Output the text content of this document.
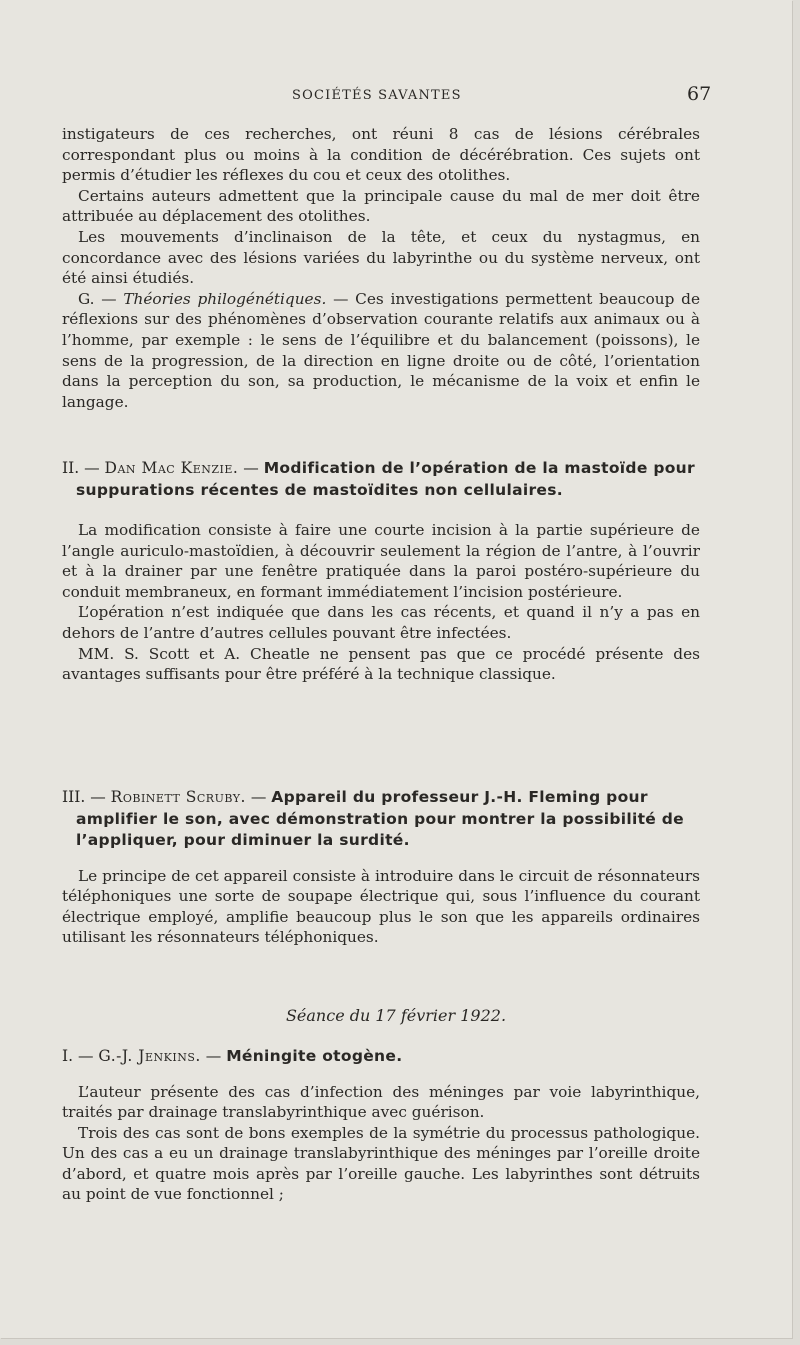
SOCIÉTÉS SAVANTES	67

instigateurs de ces recherches, ont réuni 8 cas de lésions cérébrales correspondant plus ou moins à la condition de décérébration. Ces sujets ont permis d’étudier les réflexes du cou et ceux des otolithes.

Certains auteurs admettent que la principale cause du mal de mer doit être attribuée au déplacement des otolithes.

Les mouvements d’inclinaison de la tête, et ceux du nystagmus, en concordance avec des lésions variées du labyrinthe ou du système nerveux, ont été ainsi étudiés.

G. — Théories philogénétiques. — Ces investigations permettent beaucoup de réflexions sur des phénomènes d’observation courante relatifs aux animaux ou à l’homme, par exemple : le sens de l’équilibre et du balancement (poissons), le sens de la progression, de la direction en ligne droite ou de côté, l’orientation dans la perception du son, sa production, le mécanisme de la voix et enfin le langage.

II. — Dan Mac Kenzie. — Modification de l’opération de la mastoïde pour suppurations récentes de mastoïdites non cellulaires.

La modification consiste à faire une courte incision à la partie supérieure de l’angle auriculo-mastoïdien, à découvrir seulement la région de l’antre, à l’ouvrir et à la drainer par une fenêtre pratiquée dans la paroi postéro-supérieure du conduit membraneux, en formant immédiatement l’incision postérieure.

L’opération n’est indiquée que dans les cas récents, et quand il n’y a pas en dehors de l’antre d’autres cellules pouvant être infectées.

MM. S. Scott et A. Cheatle ne pensent pas que ce procédé présente des avantages suffisants pour être préféré à la technique classique.

III. — Robinett Scruby. — Appareil du professeur J.-H. Fleming pour amplifier le son, avec démonstration pour montrer la possibilité de l’appliquer, pour diminuer la surdité.

Le principe de cet appareil consiste à introduire dans le circuit de résonnateurs téléphoniques une sorte de soupape électrique qui, sous l’influence du courant électrique employé, amplifie beaucoup plus le son que les appareils ordinaires utilisant les résonnateurs téléphoniques.

Séance du 17 février 1922.
I. — G.-J. Jenkins. — Méningite otogène.

L’auteur présente des cas d’infection des méninges par voie labyrinthique, traités par drainage translabyrinthique avec guérison.

Trois des cas sont de bons exemples de la symétrie du processus pathologique. Un des cas a eu un drainage translabyrinthique des méninges par l’oreille droite d’abord, et quatre mois après par l’oreille gauche. Les labyrinthes sont détruits au point de vue fonctionnel ;
